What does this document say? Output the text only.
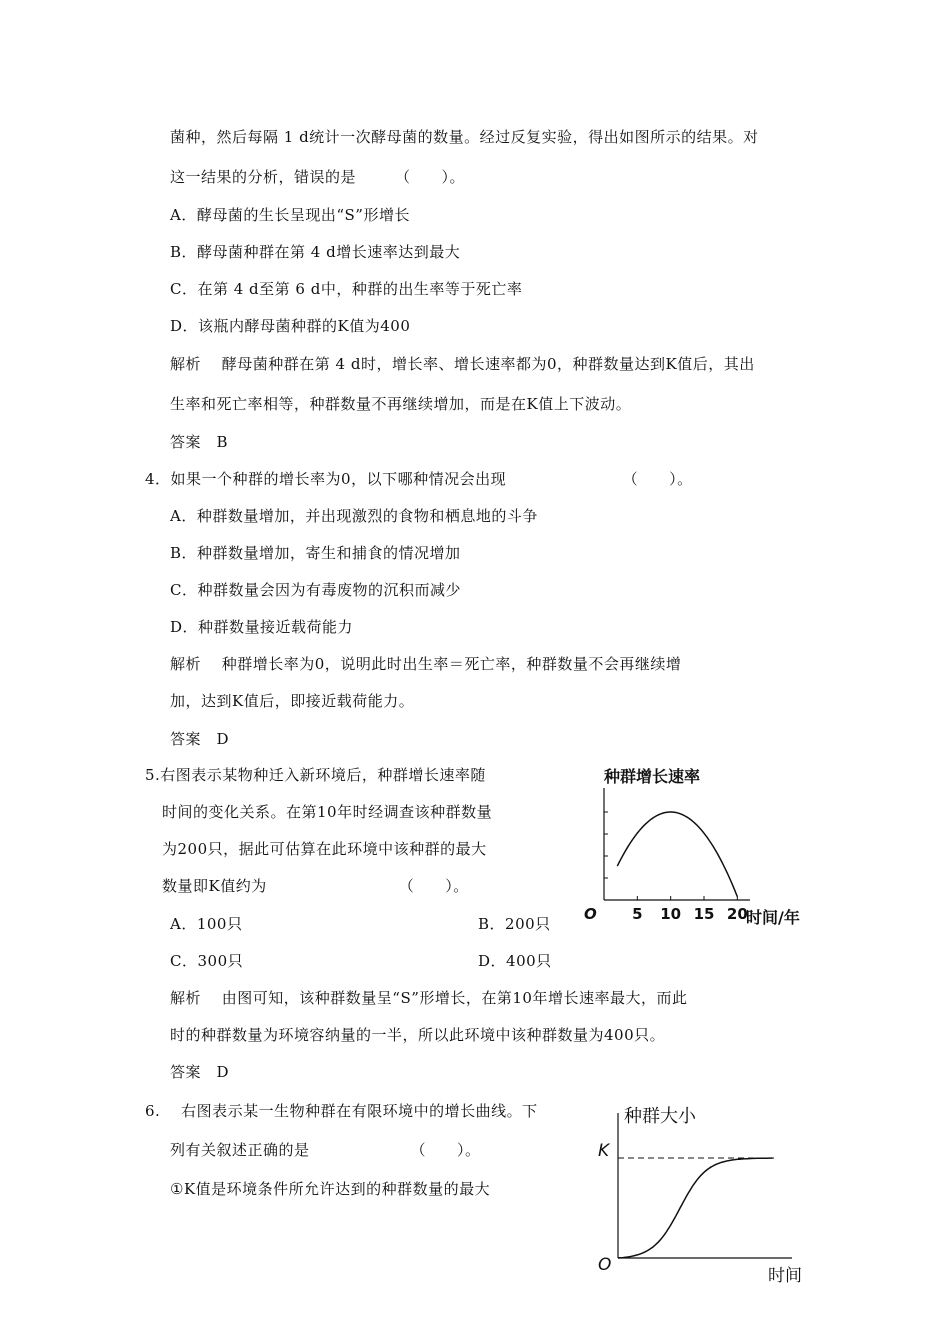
菌种，然后每隔 1 d统计一次酵母菌的数量。经过反复实验，得出如图所示的结果。对
这一结果的分析，错误的是　　　（　　）。
A．酵母菌的生长呈现出“S”形增长
B．酵母菌种群在第 4 d增长速率达到最大
C．在第 4 d至第 6 d中，种群的出生率等于死亡率
D．该瓶内酵母菌种群的K值为400
解析　 酵母菌种群在第 4 d时，增长率、增长速率都为0，种群数量达到K值后，其出
生率和死亡率相等，种群数量不再继续增加，而是在K值上下波动。
答案　B
4．如果一个种群的增长率为0，以下哪种情况会出现　　　　　　　　（　　）。
A．种群数量增加，并出现激烈的食物和栖息地的斗争
B．种群数量增加，寄生和捕食的情况增加
C．种群数量会因为有毒废物的沉积而减少
D．种群数量接近载荷能力
解析　 种群增长率为0，说明此时出生率＝死亡率，种群数量不会再继续增
加，达到K值后，即接近载荷能力。
答案　D
5.右图表示某物种迁入新环境后，种群增长速率随
时间的变化关系。在第10年时经调查该种群数量
为200只，据此可估算在此环境中该种群的最大
数量即K值约为　　　　　　　　　（　　）。
A．100只	B．200只
C．300只	D．400只
解析　 由图可知，该种群数量呈“S”形增长，在第10年增长速率最大，而此
时的种群数量为环境容纳量的一半，所以此环境中该种群数量为400只。
答案　D
6.　 右图表示某一生物种群在有限环境中的增长曲线。下
列有关叙述正确的是　　　　　　　（　　）。
①K值是环境条件所允许达到的种群数量的最大
种群增长速率
时间/年
O 5 10 15 20
种群大小
时间
O
K
